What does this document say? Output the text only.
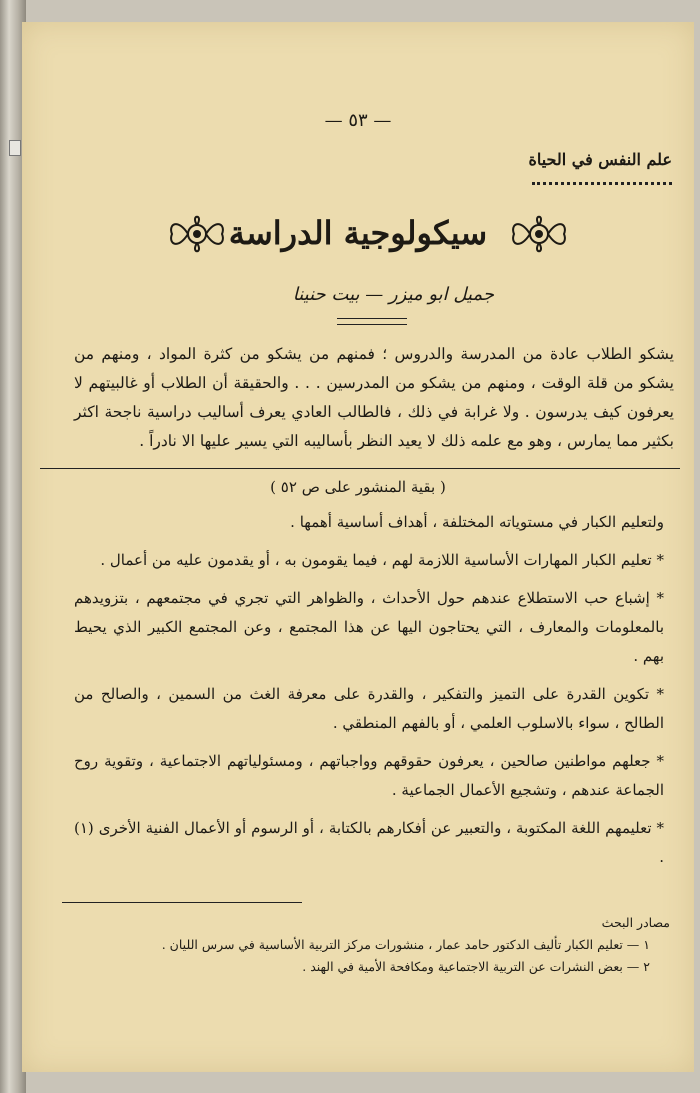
— ٥٣ —
علم النفس في الحياة
سيكولوجية الدراسة
جميل ابو ميزر — بيت حنينا
يشكو الطلاب عادة من المدرسة والدروس ؛ فمنهم من يشكو من كثرة المواد ، ومنهم من يشكو من قلة الوقت ، ومنهم من يشكو من المدرسين . . . والحقيقة أن الطلاب أو غالبيتهم لا يعرفون كيف يدرسون . ولا غرابة في ذلك ، فالطالب العادي يعرف أساليب دراسية ناجحة اكثر بكثير مما يمارس ، وهو مع علمه ذلك لا يعيد النظر بأساليبه التي يسير عليها الا نادراً .
( بقية المنشور على ص ٥٢ )

ولتعليم الكبار في مستوياته المختلفة ، أهداف أساسية أهمها .

* تعليم الكبار المهارات الأساسية اللازمة لهم ، فيما يقومون به ، أو يقدمون عليه من أعمال .

* إشباع حب الاستطلاع عندهم حول الأحداث ، والظواهر التي تجري في مجتمعهم ، بتزويدهم بالمعلومات والمعارف ، التي يحتاجون اليها عن هذا المجتمع ، وعن المجتمع الكبير الذي يحيط بهم .

* تكوين القدرة على التميز والتفكير ، والقدرة على معرفة الغث من السمين ، والصالح من الطالح ، سواء بالاسلوب العلمي ، أو بالفهم المنطقي .

* جعلهم مواطنين صالحين ، يعرفون حقوقهم وواجباتهم ، ومسئولياتهم الاجتماعية ، وتقوية روح الجماعة عندهم ، وتشجيع الأعمال الجماعية .

* تعليمهم اللغة المكتوبة ، والتعبير عن أفكارهم بالكتابة ، أو الرسوم أو الأعمال الفنية الأخرى (١) .

مصادر البحث
١ — تعليم الكبار تأليف الدكتور حامد عمار ، منشورات مركز التربية الأساسية في سرس الليان .
٢ — بعض النشرات عن التربية الاجتماعية ومكافحة الأمية في الهند .
